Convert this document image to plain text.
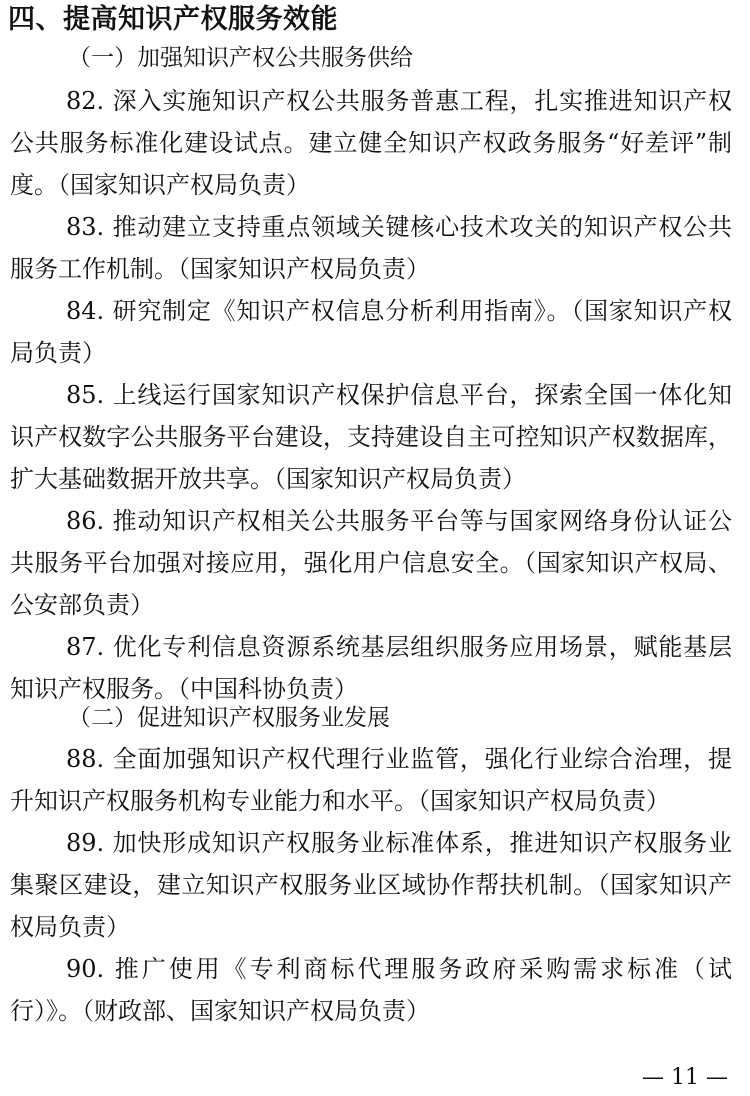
四、提高知识产权服务效能
（一）加强知识产权公共服务供给

82. 深入实施知识产权公共服务普惠工程，扎实推进知识产权公共服务标准化建设试点。建立健全知识产权政务服务“好差评”制度。（国家知识产权局负责）

83. 推动建立支持重点领域关键核心技术攻关的知识产权公共服务工作机制。（国家知识产权局负责）

84. 研究制定《知识产权信息分析利用指南》。（国家知识产权局负责）

85. 上线运行国家知识产权保护信息平台，探索全国一体化知识产权数字公共服务平台建设，支持建设自主可控知识产权数据库，扩大基础数据开放共享。（国家知识产权局负责）

86. 推动知识产权相关公共服务平台等与国家网络身份认证公共服务平台加强对接应用，强化用户信息安全。（国家知识产权局、公安部负责）

87. 优化专利信息资源系统基层组织服务应用场景，赋能基层知识产权服务。（中国科协负责）

（二）促进知识产权服务业发展

88. 全面加强知识产权代理行业监管，强化行业综合治理，提升知识产权服务机构专业能力和水平。（国家知识产权局负责）

89. 加快形成知识产权服务业标准体系，推进知识产权服务业集聚区建设，建立知识产权服务业区域协作帮扶机制。（国家知识产权局负责）

90. 推广使用《专利商标代理服务政府采购需求标准（试行）》。（财政部、国家知识产权局负责）

— 11 —
